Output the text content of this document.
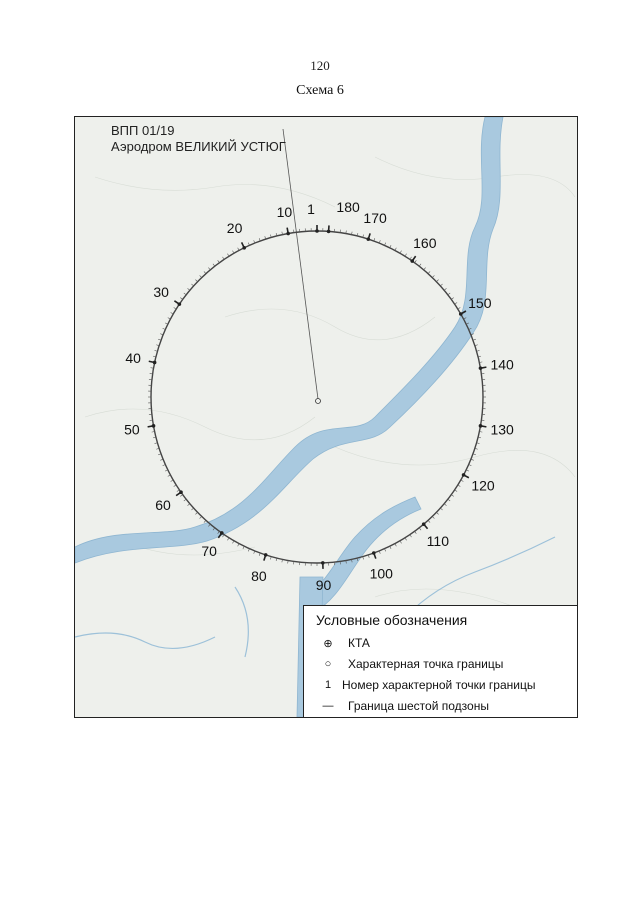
120
Схема 6
1 180
10
20
30
40
50
60
70
80
90
100
110
120
130
140
150
160
170
ВПП 01/19
Аэродром ВЕЛИКИЙ УСТЮГ
Условные обозначения
⊕	КТА
○	Характерная точка границы
1 Номер характерной точки границы
—	Граница шестой подзоны
